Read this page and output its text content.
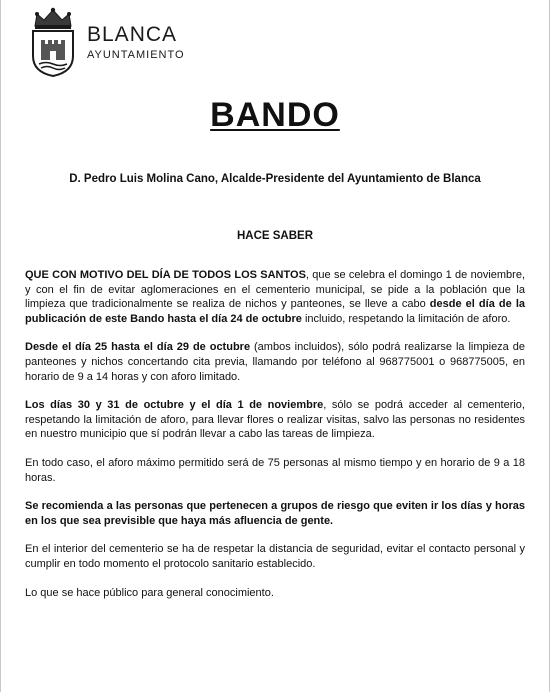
BLANCA
AYUNTAMIENTO
BANDO
D. Pedro Luis Molina Cano, Alcalde-Presidente del Ayuntamiento de Blanca
HACE SABER

QUE CON MOTIVO DEL DÍA DE TODOS LOS SANTOS, que se celebra el domingo 1 de noviembre, y con el fin de evitar aglomeraciones en el cementerio municipal, se pide a la población que la limpieza que tradicionalmente se realiza de nichos y panteones, se lleve a cabo desde el día de la publicación de este Bando hasta el día 24 de octubre incluido, respetando la limitación de aforo.

Desde el día 25 hasta el día 29 de octubre (ambos incluidos), sólo podrá realizarse la limpieza de panteones y nichos concertando cita previa, llamando por teléfono al 968775001 o 968775005, en horario de 9 a 14 horas y con aforo limitado.

Los días 30 y 31 de octubre y el día 1 de noviembre, sólo se podrá acceder al cementerio, respetando la limitación de aforo, para llevar flores o realizar visitas, salvo las personas no residentes en nuestro municipio que sí podrán llevar a cabo las tareas de limpieza.

En todo caso, el aforo máximo permitido será de 75 personas al mismo tiempo y en horario de 9 a 18 horas.

Se recomienda a las personas que pertenecen a grupos de riesgo que eviten ir los días y horas en los que sea previsible que haya más afluencia de gente.

En el interior del cementerio se ha de respetar la distancia de seguridad, evitar el contacto personal y cumplir en todo momento el protocolo sanitario establecido.

Lo que se hace público para general conocimiento.
